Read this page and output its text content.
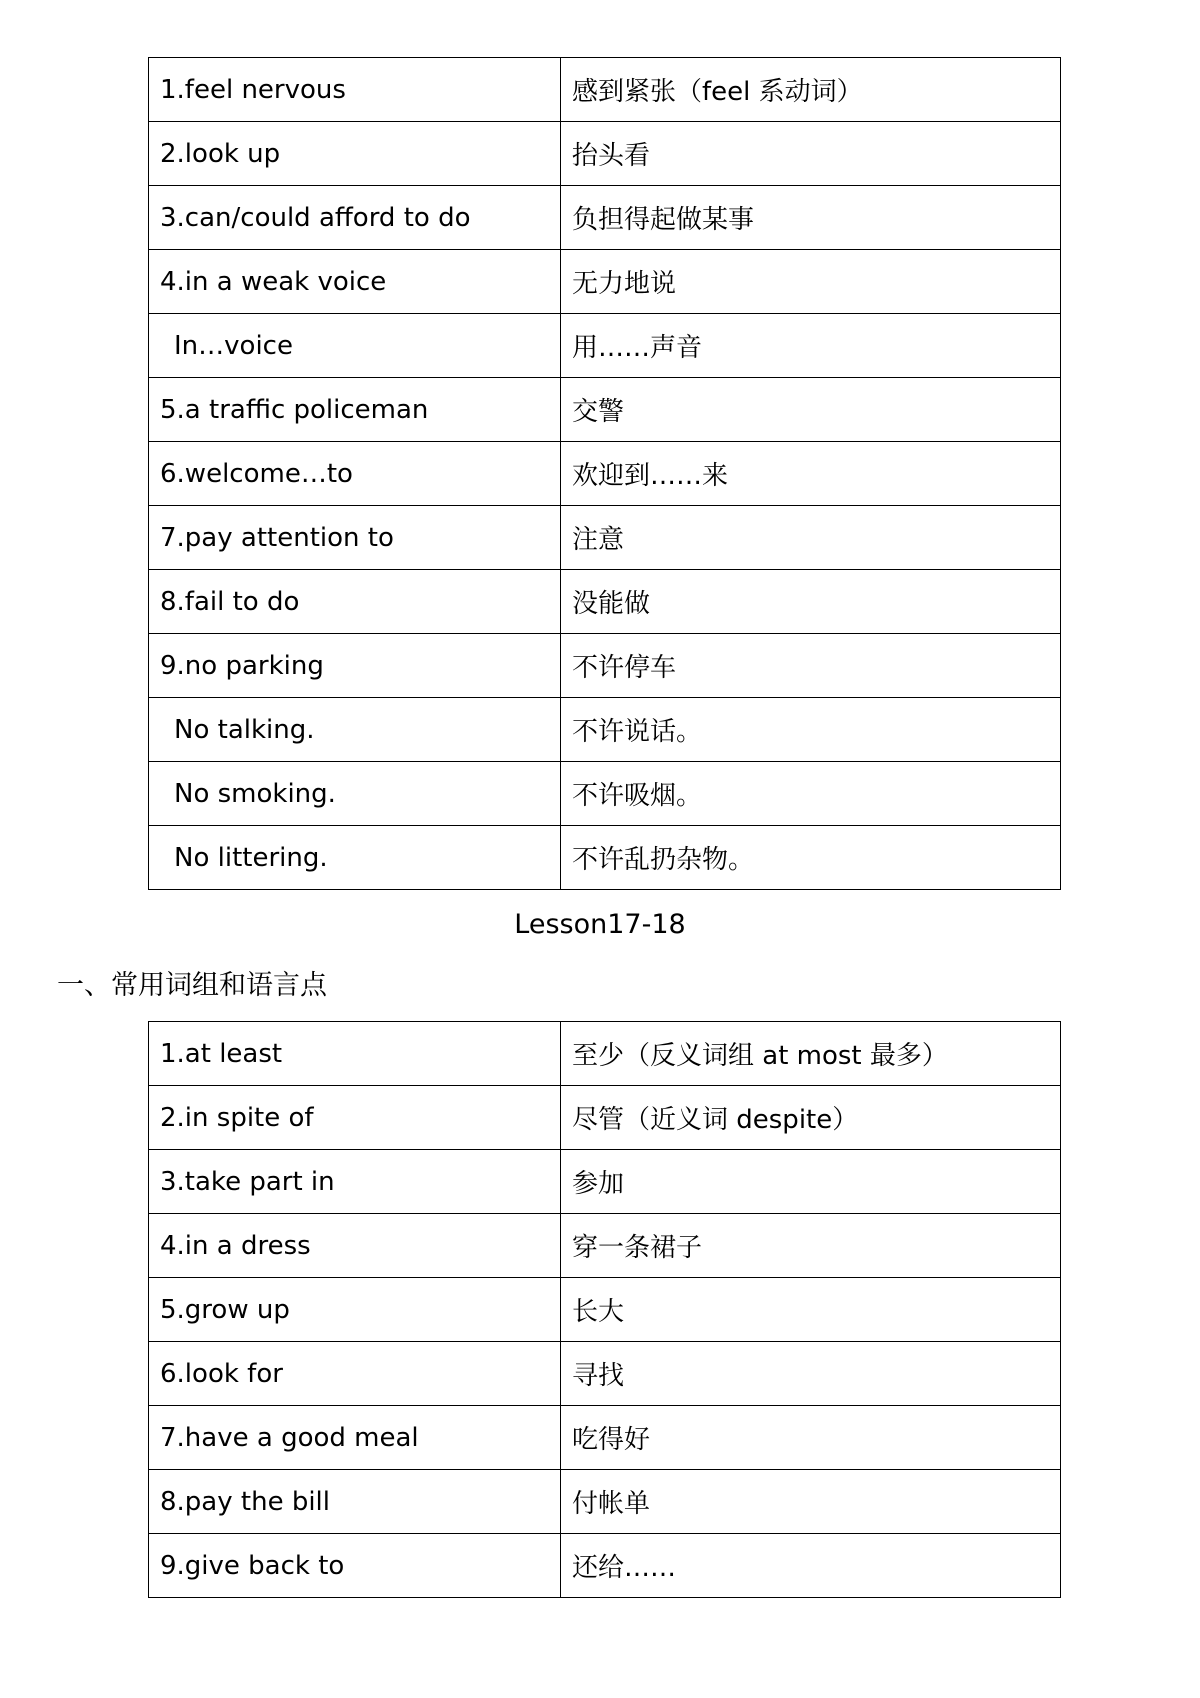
1.feel nervous	感到紧张（feel 系动词）
2.look up	抬头看
3.can/could afford to do	负担得起做某事
4.in a weak voice	无力地说
In…voice	用……声音
5.a traffic policeman	交警
6.welcome…to	欢迎到……来
7.pay attention to	注意
8.fail to do	没能做
9.no parking	不许停车
No talking.	不许说话。
No smoking.	不许吸烟。
No littering.	不许乱扔杂物。
Lesson17-18
一、常用词组和语言点
1.at least	至少（反义词组 at most 最多）
2.in spite of	尽管（近义词 despite）
3.take part in	参加
4.in a dress	穿一条裙子
5.grow up	长大
6.look for	寻找
7.have a good meal	吃得好
8.pay the bill	付帐单
9.give back to	还给……
